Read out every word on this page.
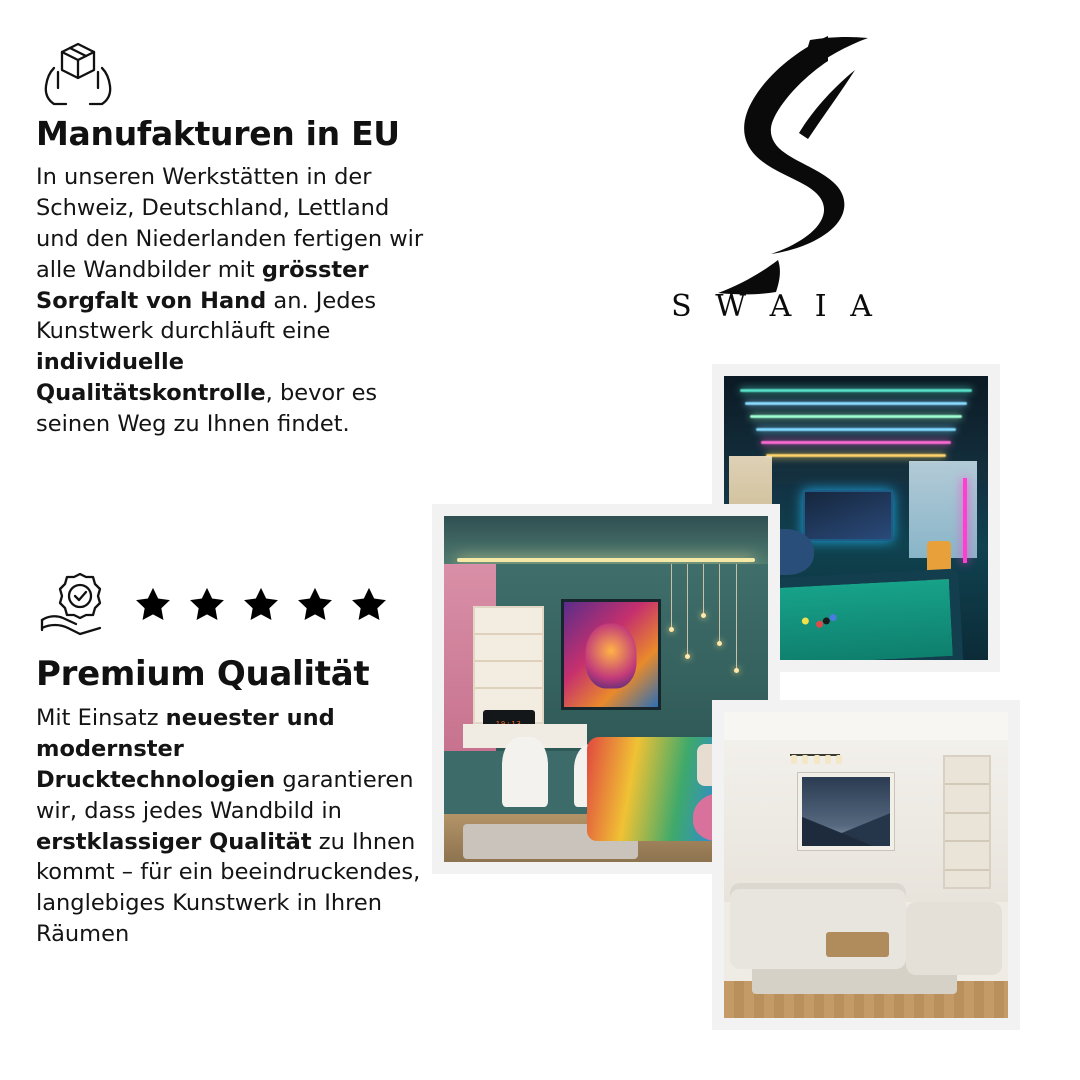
Manufakturen in EU

In unseren Werkstätten in der Schweiz, Deutschland, Lettland und den Niederlanden fertigen wir alle Wandbilder mit grösster Sorgfalt von Hand an. Jedes Kunstwerk durchläuft eine individuelle Qualitätskontrolle, bevor es seinen Weg zu Ihnen findet.

Premium Qualität

Mit Einsatz neuester und modernster Drucktechnologien garantieren wir, dass jedes Wandbild in erstklassiger Qualität zu Ihnen kommt – für ein beeindruckendes, langlebiges Kunstwerk in Ihren Räumen

S W A I A
